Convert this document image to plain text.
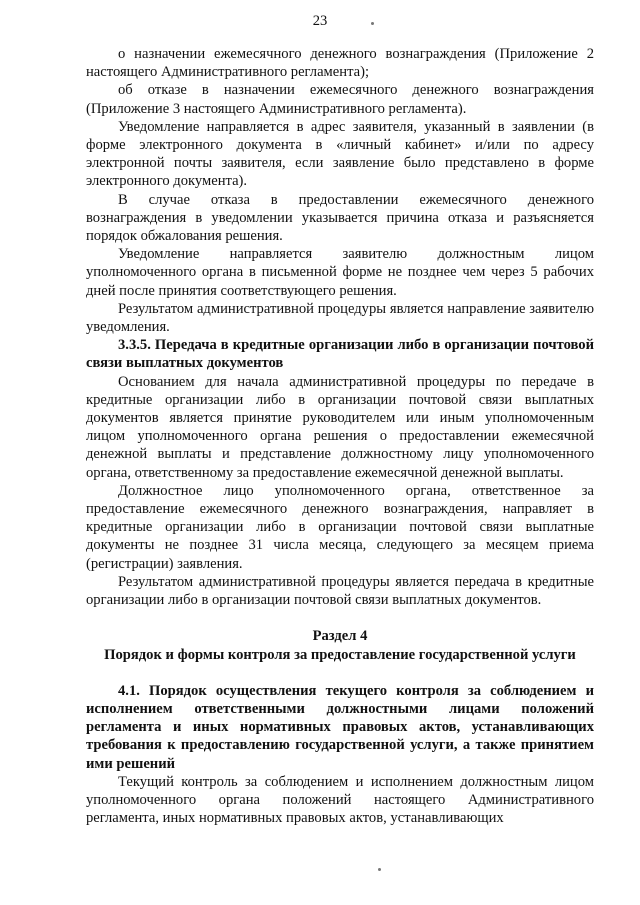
23

о назначении ежемесячного денежного вознаграждения (Приложение 2 настоящего Административного регламента);

об отказе в назначении ежемесячного денежного вознаграждения (Приложение 3 настоящего Административного регламента).

Уведомление направляется в адрес заявителя, указанный в заявлении (в форме электронного документа в «личный кабинет» и/или по адресу электронной почты заявителя, если заявление было представлено в форме электронного документа).

В случае отказа в предоставлении ежемесячного денежного вознаграждения в уведомлении указывается причина отказа и разъясняется порядок обжалования решения.

Уведомление направляется заявителю должностным лицом уполномоченного органа в письменной форме не позднее чем через 5 рабочих дней после принятия соответствующего решения.

Результатом административной процедуры является направление заявителю уведомления.

3.3.5. Передача в кредитные организации либо в организации почтовой связи выплатных документов

Основанием для начала административной процедуры по передаче в кредитные организации либо в организации почтовой связи выплатных документов является принятие руководителем или иным уполномоченным лицом уполномоченного органа решения о предоставлении ежемесячной денежной выплаты и представление должностному лицу уполномоченного органа, ответственному за предоставление ежемесячной денежной выплаты.

Должностное лицо уполномоченного органа, ответственное за предоставление ежемесячного денежного вознаграждения, направляет в кредитные организации либо в организации почтовой связи выплатные документы не позднее 31 числа месяца, следующего за месяцем приема (регистрации) заявления.

Результатом административной процедуры является передача в кредитные организации либо в организации почтовой связи выплатных документов.

Раздел 4

Порядок и формы контроля за предоставление государственной услуги

4.1. Порядок осуществления текущего контроля за соблюдением и исполнением ответственными должностными лицами положений регламента и иных нормативных правовых актов, устанавливающих требования к предоставлению государственной услуги, а также принятием ими решений

Текущий контроль за соблюдением и исполнением должностным лицом уполномоченного органа положений настоящего Административного регламента, иных нормативных правовых актов, устанавливающих
